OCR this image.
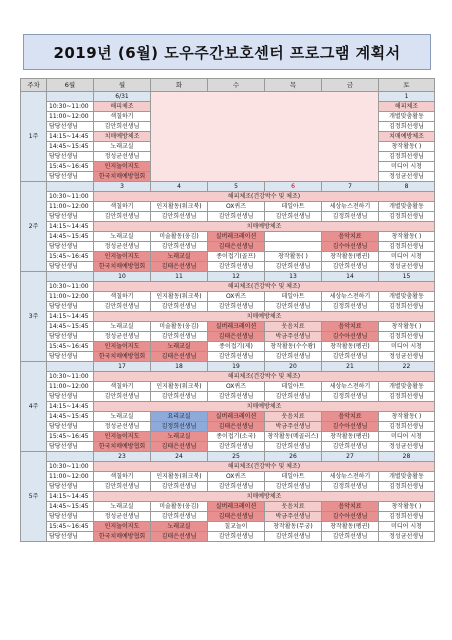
2019년 (6월) 도우주간보호센터 프로그램 계획서
주차	6월	월	화	수	목	금	토
1주		6/31					1
	10:30~11:00	해피체조					해피체조
	11:00~12:00	색칠하기					개별맞춤활동
	담당선생님	김안희선생님					김정희선생님
	14:15~14:45	치매예방체조					치매예방체조
	14:45~15:45	노래교실					창작활동( )
	담당선생님	정성균선생님					김정희선생님
	15:45~16:45	인지놀이지도					미디어 시청
	담당선생님	한국치매예방협회					정성균선생님
2주		3	4	5	6	7	8
	10:30~11:00	해피체조(건강박수 및 체조)					
	11:00~12:00	색칠하기	인지활동(워크북)	OX퀴즈	데일아트	세상뉴스전하기	개별맞춤활동
	담당선생님	김안희선생님	김안희선생님	김안희선생님	김안희선생님	김정희선생님	김정희선생님
	14:15~14:45	치매예방체조					
	14:45~15:45	노래교실	미술활동(웅김)	실버레크레이션		음악치료	창작활동( )
	담당선생님	정성균선생님	김안희선생님	김태은선생님		김수아선생님	김정희선생님
	15:45~16:45	인지놀이지도	노래교실	종이접기(골프)	창작활동( )	창작활동(펭귄)	미디어 시청
	담당선생님	한국치매예방협회	김태은선생님	김안희선생님	김안희선생님	김안희선생님	정성균선생님
3주		10	11	12	13	14	15
	10:30~11:00	해피체조(건강박수 및 체조)					
	11:00~12:00	색칠하기	인지활동(워크북)	OX퀴즈	데일아트	세상뉴스전하기	개별맞춤활동
	담당선생님	김안희선생님	김안희선생님	김안희선생님	김안희선생님	김정희선생님	김정희선생님
	14:15~14:45	치매예방체조					
	14:45~15:45	노래교실	미술활동(웅김)	실버레크레이션	웃음치료	음악치료	창작활동( )
	담당선생님	정성균선생님	김안희선생님	김태은선생님	박금주선생님	김수아선생님	김정희선생님
	15:45~16:45	인지놀이지도	노래교실	종이접기(제)	창작활동(수수꽝)	창작활동(펭귄)	미디어 시청
	담당선생님	한국치매예방협회	김태은선생님	김안희선생님	김안희선생님	김안희선생님	정성균선생님
4주		17	18	19	20	21	22
	10:30~11:00	해피체조(건강박수 및 체조)					
	11:00~12:00	색칠하기	인지활동(워크북)	OX퀴즈	데일아트	세상뉴스전하기	개별맞춤활동
	담당선생님	김안희선생님	김안희선생님	김안희선생님	김안희선생님	김정희선생님	김정희선생님
	14:15~14:45	치매예방체조					
	14:45~15:45	노래교실	요리교실	실버레크레이션	웃음치료	음악치료	창작활동( )
	담당선생님	정성균선생님	김정희선생님	김태은선생님	박금주선생님	김수아선생님	김정희선생님
	15:45~16:45	인지놀이지도	노래교실	종이접기(소국)	창작활동(메골러스)	창작활동(팽귄)	미디어 시청
	담당선생님	한국치매예방협회	김태은선생님	김안희선생님	김안희선생님	김안희선생님	정성균선생님
5주		23	24	25	26	27	28
	10:30~11:00	해피체조(건강박수 및 체조)					
	11:00~12:00	색칠하기	인지활동(워크북)	OX퀴즈	데일아트	세상뉴스전하기	개별맞춤활동
	담당선생님	김안희선생님	김안희선생님	김안희선생님	김안희선생님	김정희선생님	김정희선생님
	14:15~14:45	치매예방체조					
	14:45~15:45	노래교실	미술활동(웅김)	실버레크레이션	웃음치료	음악치료	창작활동( )
	담당선생님	정성균선생님	김안희선생님	김태은선생님	박금주선생님	김수아선생님	김정희선생님
	15:45~16:45	인지놀이지도	노래교실	칠교놀이	창작활동(무궁)	창작활동(펭귄)	미디어 시청
	담당선생님	한국치매예방협회	김태은선생님	김안희선생님	김안희선생님	김안희선생님	정성균선생님
